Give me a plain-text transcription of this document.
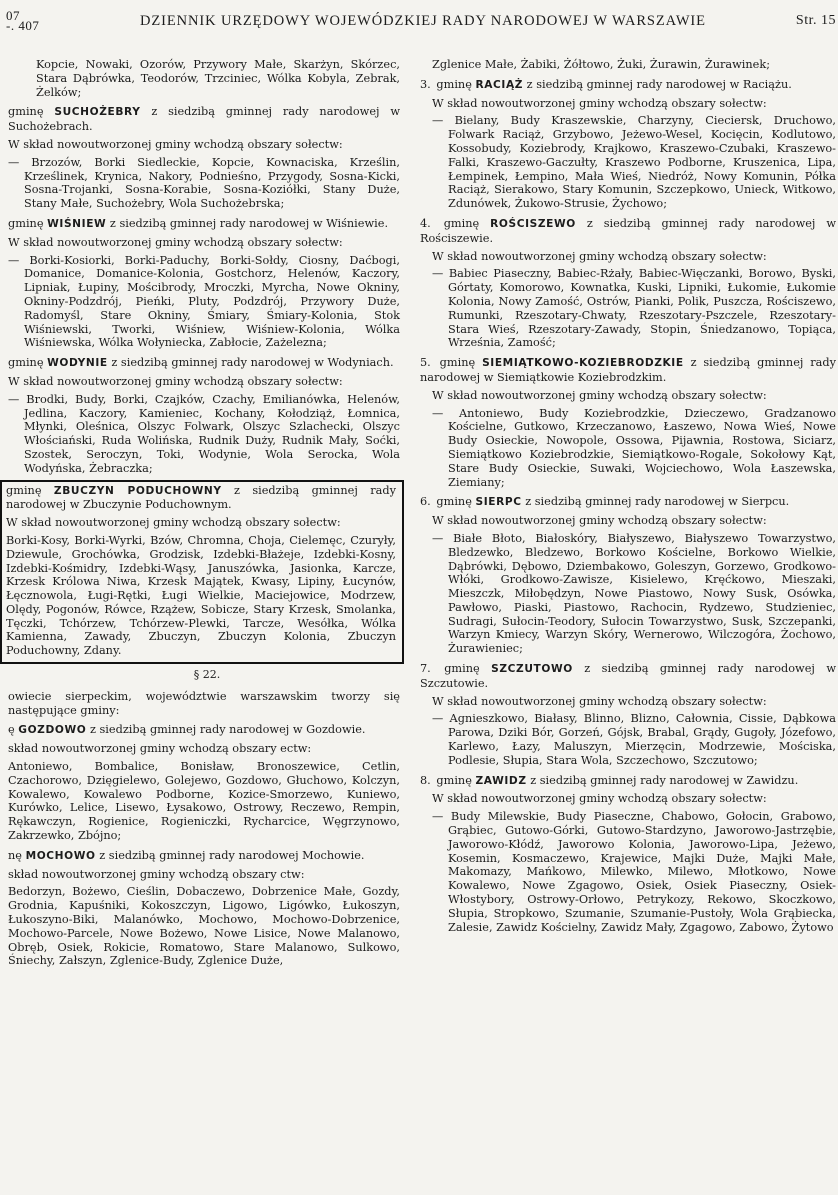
07
-. 407	DZIENNIK URZĘDOWY WOJEWÓDZKIEJ RADY NARODOWEJ W WARSZAWIE	Str. 15

Kopcie, Nowaki, Ozorów, Przywory Małe, Skarżyn, Skórzec, Stara Dąbrówka, Teodorów, Trzciniec, Wólka Kobyla, Zebrak, Żelków;

gminę SUCHOŻEBRY z siedzibą gminnej rady narodowej w Suchożebrach.

W skład nowoutworzonej gminy wchodzą obszary sołectw:

— Brzozów, Borki Siedleckie, Kopcie, Kownaciska, Krześlin, Krześlinek, Krynica, Nakory, Podnieśno, Przygody, Sosna-Kicki, Sosna-Trojanki, Sosna-Korabie, Sosna-Koziółki, Stany Duże, Stany Małe, Suchożebry, Wola Suchożebrska;

gminę WIŚNIEW z siedzibą gminnej rady narodowej w Wiśniewie.

W skład nowoutworzonej gminy wchodzą obszary sołectw:

— Borki-Kosiorki, Borki-Paduchy, Borki-Sołdy, Ciosny, Daćbogi, Domanice, Domanice-Kolonia, Gostchorz, Helenów, Kaczory, Lipniak, Łupiny, Mościbrody, Mroczki, Myrcha, Nowe Okniny, Okniny-Podzdrój, Pieńki, Pluty, Podzdrój, Przywory Duże, Radomyśl, Stare Okniny, Śmiary, Śmiary-Kolonia, Stok Wiśniewski, Tworki, Wiśniew, Wiśniew-Kolonia, Wólka Wiśniewska, Wólka Wołyniecka, Zabłocie, Zażelezna;

gminę WODYNIE z siedzibą gminnej rady narodowej w Wodyniach.

W skład nowoutworzonej gminy wchodzą obszary sołectw:

— Brodki, Budy, Borki, Czajków, Czachy, Emilianówka, Helenów, Jedlina, Kaczory, Kamieniec, Kochany, Kołodziąż, Łomnica, Młynki, Oleśnica, Olszyc Folwark, Olszyc Szlachecki, Olszyc Włościański, Ruda Wolińska, Rudnik Duży, Rudnik Mały, Soćki, Szostek, Seroczyn, Toki, Wodynie, Wola Serocka, Wola Wodyńska, Żebraczka;

gminę ZBUCZYN PODUCHOWNY z siedzibą gminnej rady narodowej w Zbuczynie Poduchownym.

W skład nowoutworzonej gminy wchodzą obszary sołectw:

Borki-Kosy, Borki-Wyrki, Bzów, Chromna, Choja, Cielemęc, Czuryły, Dziewule, Grochówka, Grodzisk, Izdebki-Błażeje, Izdebki-Kosny, Izdebki-Kośmidry, Izdebki-Wąsy, Januszówka, Jasionka, Karcze, Krzesk Królowa Niwa, Krzesk Majątek, Kwasy, Lipiny, Łucynów, Łęcznowola, Ługi-Rętki, Ługi Wielkie, Maciejowice, Modrzew, Olędy, Pogonów, Rówce, Rzążew, Sobicze, Stary Krzesk, Smolanka, Tęczki, Tchórzew, Tchórzew-Plewki, Tarcze, Wesółka, Wólka Kamienna, Zawady, Zbuczyn, Zbuczyn Kolonia, Zbuczyn Poduchowny, Zdany.

§ 22.

owiecie sierpeckim, województwie warszawskim tworzy się następujące gminy:

ę GOZDOWO z siedzibą gminnej rady narodowej w Gozdowie.

skład nowoutworzonej gminy wchodzą obszary ectw:

Antoniewo, Bombalice, Bonisław, Bronoszewice, Cetlin, Czachorowo, Dzięgielewo, Golejewo, Gozdowo, Głuchowo, Kolczyn, Kowalewo, Kowalewo Podborne, Kozice-Smorzewo, Kuniewo, Kurówko, Lelice, Lisewo, Łysakowo, Ostrowy, Reczewo, Rempin, Rękawczyn, Rogienice, Rogieniczki, Rycharcice, Węgrzynowo, Zakrzewko, Zbójno;

nę MOCHOWO z siedzibą gminnej rady narodowej Mochowie.

skład nowoutworzonej gminy wchodzą obszary ctw:

Bedorzyn, Bożewo, Cieślin, Dobaczewo, Dobrzenice Małe, Gozdy, Grodnia, Kapuśniki, Kokoszczyn, Ligowo, Ligówko, Łukoszyn, Łukoszyno-Biki, Malanówko, Mochowo, Mochowo-Dobrzenice, Mochowo-Parcele, Nowe Bożewo, Nowe Lisice, Nowe Malanowo, Obręb, Osiek, Rokicie, Romatowo, Stare Malanowo, Sulkowo, Śniechy, Załszyn, Zglenice-Budy, Zglenice Duże,

Zglenice Małe, Żabiki, Żółtowo, Żuki, Żurawin, Żurawinek;

3. gminę RACIĄŻ z siedzibą gminnej rady narodowej w Raciążu.

W skład nowoutworzonej gminy wchodzą obszary sołectw:

— Bielany, Budy Kraszewskie, Charzyny, Cieciersk, Druchowo, Folwark Raciąż, Grzybowo, Jeżewo-Wesel, Kocięcin, Kodlutowo, Kossobudy, Koziebrody, Krajkowo, Kraszewo-Czubaki, Kraszewo-Falki, Kraszewo-Gaczułty, Kraszewo Podborne, Kruszenica, Lipa, Łempinek, Łempino, Mała Wieś, Niedróż, Nowy Komunin, Półka Raciąż, Sierakowo, Stary Komunin, Szczepkowo, Unieck, Witkowo, Zdunówek, Żukowo-Strusie, Żychowo;

4. gminę ROŚCISZEWO z siedzibą gminnej rady narodowej w Rościszewie.

W skład nowoutworzonej gminy wchodzą obszary sołectw:

— Babiec Piaseczny, Babiec-Rżały, Babiec-Więczanki, Borowo, Byski, Górtaty, Komorowo, Kownatka, Kuski, Lipniki, Łukomie, Łukomie Kolonia, Nowy Zamość, Ostrów, Pianki, Polik, Puszcza, Rościszewo, Rumunki, Rzeszotary-Chwaty, Rzeszotary-Pszczele, Rzeszotary-Stara Wieś, Rzeszotary-Zawady, Stopin, Śniedzanowo, Topiąca, Września, Zamość;

5. gminę SIEMIĄTKOWO-KOZIEBRODZKIE z siedzibą gminnej rady narodowej w Siemiątkowie Koziebrodzkim.

W skład nowoutworzonej gminy wchodzą obszary sołectw:

— Antoniewo, Budy Koziebrodzkie, Dzieczewo, Gradzanowo Kościelne, Gutkowo, Krzeczanowo, Łaszewo, Nowa Wieś, Nowe Budy Osieckie, Nowopole, Ossowa, Pijawnia, Rostowa, Siciarz, Siemiątkowo Koziebrodzkie, Siemiątkowo-Rogale, Sokołowy Kąt, Stare Budy Osieckie, Suwaki, Wojciechowo, Wola Łaszewska, Ziemiany;

6. gminę SIERPC z siedzibą gminnej rady narodowej w Sierpcu.

W skład nowoutworzonej gminy wchodzą obszary sołectw:

— Białe Błoto, Białoskóry, Białyszewo, Białyszewo Towarzystwo, Bledzewko, Bledzewo, Borkowo Kościelne, Borkowo Wielkie, Dąbrówki, Dębowo, Dziembakowo, Goleszyn, Gorzewo, Grodkowo-Włóki, Grodkowo-Zawisze, Kisielewo, Kręćkowo, Mieszaki, Mieszczk, Miłobędzyn, Nowe Piastowo, Nowy Susk, Osówka, Pawłowo, Piaski, Piastowo, Rachocin, Rydzewo, Studzieniec, Sudragi, Sułocin-Teodory, Sułocin Towarzystwo, Susk, Szczepanki, Warzyn Kmiecy, Warzyn Skóry, Wernerowo, Wilczogóra, Żochowo, Żurawieniec;

7. gminę SZCZUTOWO z siedzibą gminnej rady narodowej w Szczutowie.

W skład nowoutworzonej gminy wchodzą obszary sołectw:

— Agnieszkowo, Białasy, Blinno, Blizno, Całownia, Cissie, Dąbkowa Parowa, Dziki Bór, Gorzeń, Gójsk, Brabal, Grądy, Gugoły, Józefowo, Karlewo, Łazy, Maluszyn, Mierzęcin, Modrzewie, Mościska, Podlesie, Słupia, Stara Wola, Szczechowo, Szczutowo;

8. gminę ZAWIDZ z siedzibą gminnej rady narodowej w Zawidzu.

W skład nowoutworzonej gminy wchodzą obszary sołectw:

— Budy Milewskie, Budy Piaseczne, Chabowo, Gołocin, Grabowo, Grąbiec, Gutowo-Górki, Gutowo-Stardzyno, Jaworowo-Jastrzębie, Jaworowo-Kłódź, Jaworowo Kolonia, Jaworowo-Lipa, Jeżewo, Kosemin, Kosmaczewo, Krajewice, Majki Duże, Majki Małe, Makomazy, Mańkowo, Milewko, Milewo, Młotkowo, Nowe Kowalewo, Nowe Zgagowo, Osiek, Osiek Piaseczny, Osiek-Włostybory, Ostrowy-Orłowo, Petrykozy, Rekowo, Skoczkowo, Słupia, Stropkowo, Szumanie, Szumanie-Pustoły, Wola Grąbiecka, Zalesie, Zawidz Kościelny, Zawidz Mały, Zgagowo, Zabowo, Żytowo
